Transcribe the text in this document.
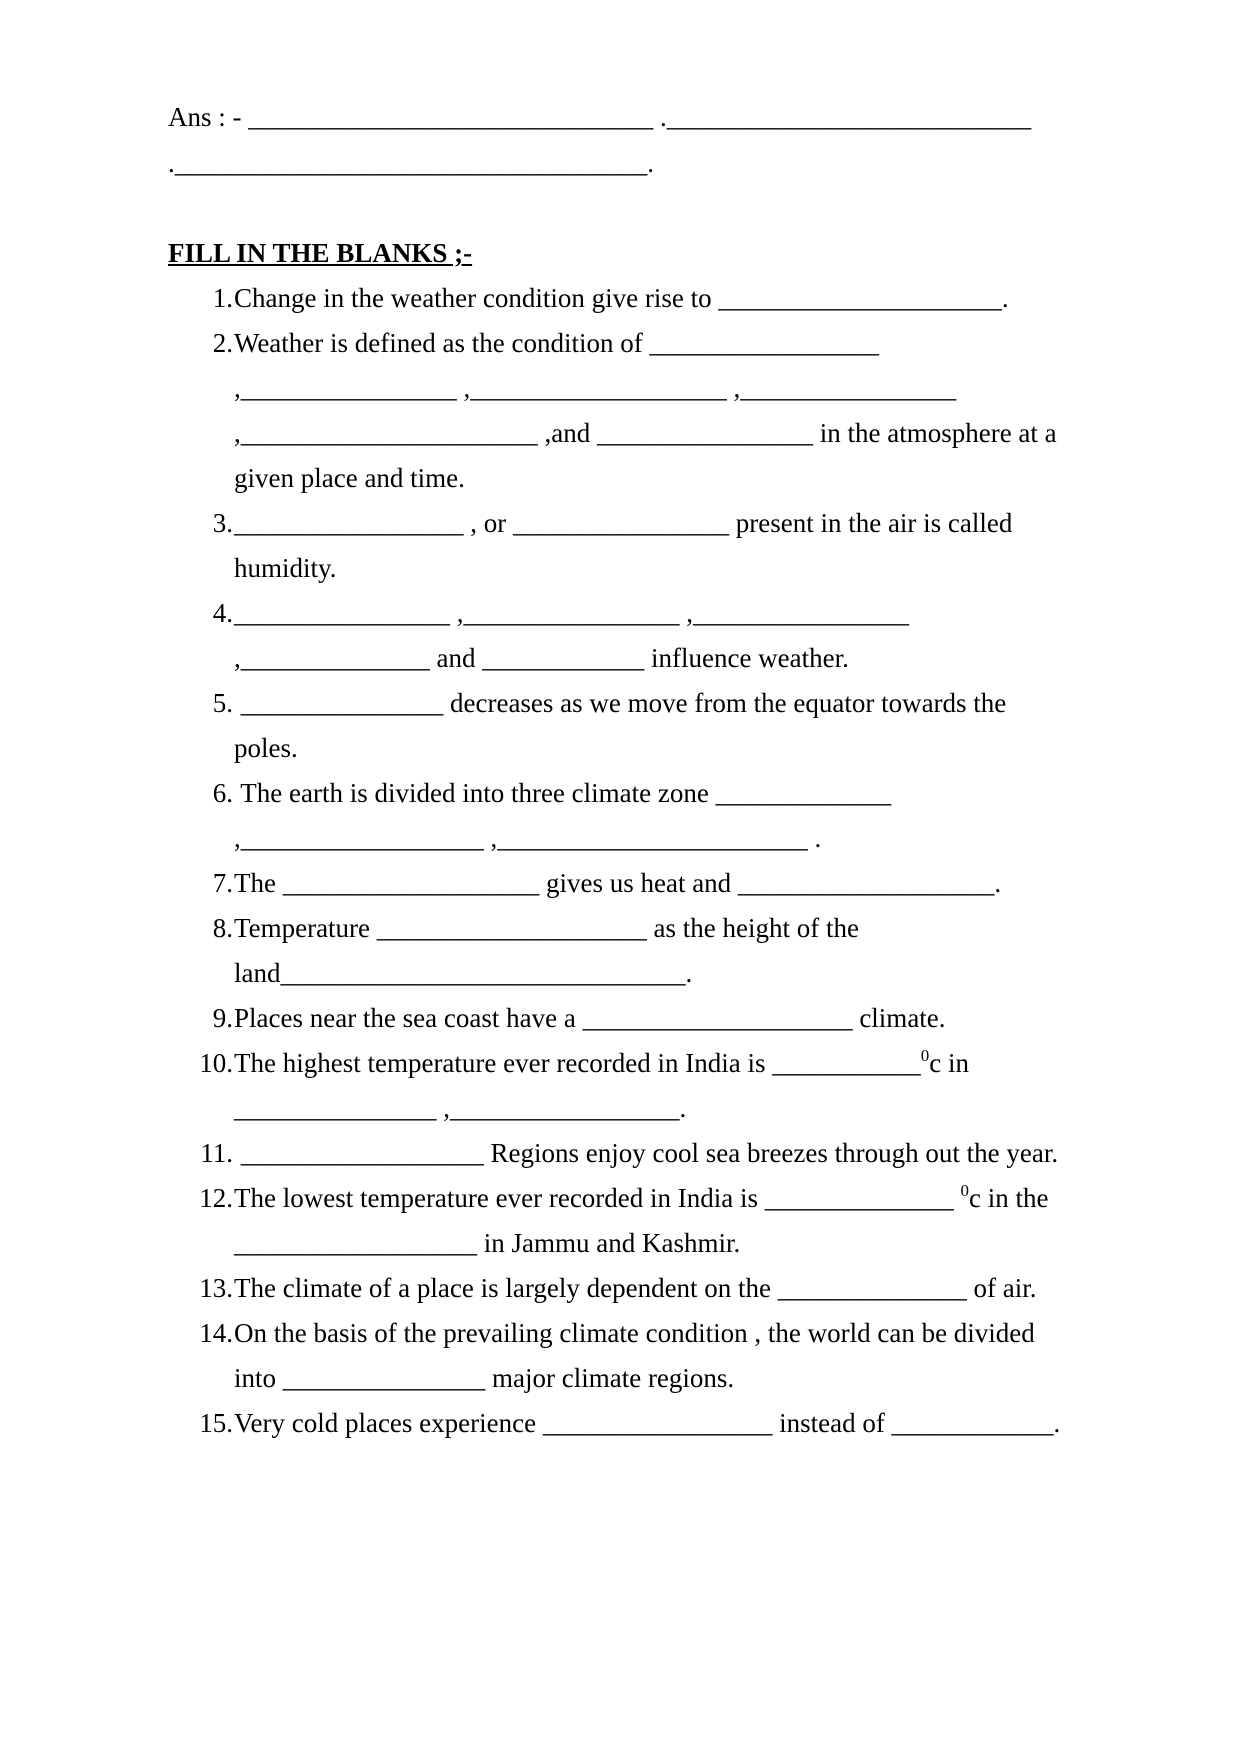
Ans : - ______________________________ .___________________________
.___________________________________.
FILL IN THE BLANKS ;-
1. Change in the weather condition give rise to _____________________.
2. Weather is defined as the condition of _________________
,________________ ,___________________ ,________________
,______________________ ,and ________________ in the atmosphere at a
given place and time.
3. _________________ , or ________________ present in the air is called
humidity.
4. ________________ ,________________ ,________________
,______________ and ____________ influence weather.
5. _______________ decreases as we move from the equator towards the
poles.
6. The earth is divided into three climate zone _____________
,__________________ ,_______________________ .
7. The ___________________ gives us heat and ___________________.
8. Temperature ____________________ as the height of the
land______________________________.
9. Places near the sea coast have a ____________________ climate.
10. The highest temperature ever recorded in India is ___________$^0$c in
_______________ ,_________________.
11. __________________ Regions enjoy cool sea breezes through out the year.
12. The lowest temperature ever recorded in India is ______________ $^0$c in the
__________________ in Jammu and Kashmir.
13. The climate of a place is largely dependent on the ______________ of air.
14. On the basis of the prevailing climate condition , the world can be divided
into _______________ major climate regions.
15. Very cold places experience _________________ instead of ____________.
